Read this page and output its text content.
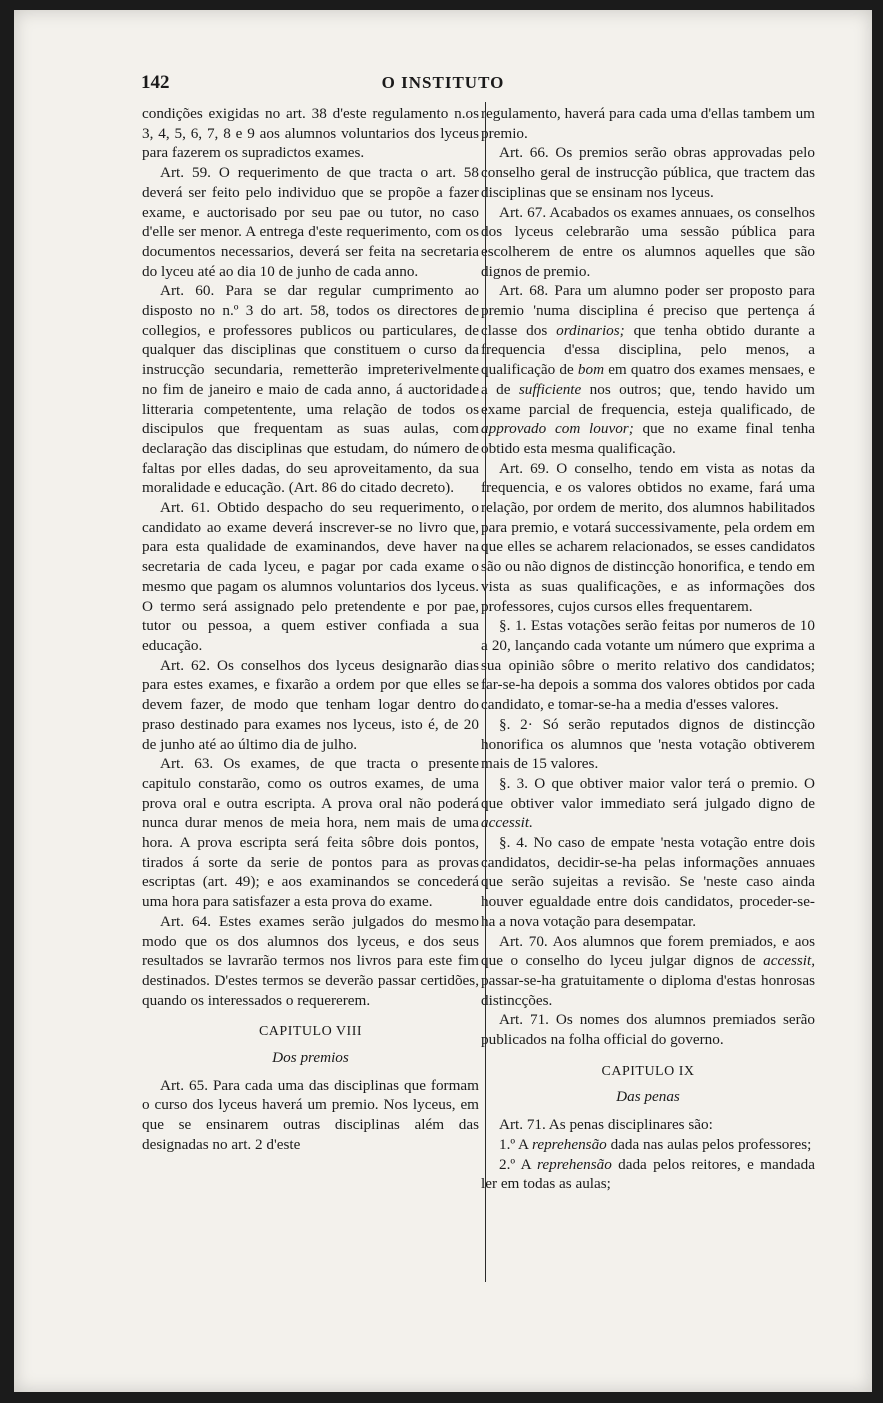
142	O INSTITUTO

condições exigidas no art. 38 d'este regulamento n.os 3, 4, 5, 6, 7, 8 e 9 aos alumnos voluntarios dos lyceus para fazerem os supradictos exames.

Art. 59. O requerimento de que tracta o art. 58 deverá ser feito pelo individuo que se propõe a fazer exame, e auctorisado por seu pae ou tutor, no caso d'elle ser menor. A entrega d'este requerimento, com os documentos necessarios, deverá ser feita na secretaria do lyceu até ao dia 10 de junho de cada anno.

Art. 60. Para se dar regular cumprimento ao disposto no n.º 3 do art. 58, todos os directores de collegios, e professores publicos ou particulares, de qualquer das disciplinas que constituem o curso da instrucção secundaria, remetterão impreterivelmente no fim de janeiro e maio de cada anno, á auctoridade litteraria competentente, uma relação de todos os discipulos que frequentam as suas aulas, com declaração das disciplinas que estudam, do número de faltas por elles dadas, do seu aproveitamento, da sua moralidade e educação. (Art. 86 do citado decreto).

Art. 61. Obtido despacho do seu requerimento, o candidato ao exame deverá inscrever-se no livro que, para esta qualidade de examinandos, deve haver na secretaria de cada lyceu, e pagar por cada exame o mesmo que pagam os alumnos voluntarios dos lyceus. O termo será assignado pelo pretendente e por pae, tutor ou pessoa, a quem estiver confiada a sua educação.

Art. 62. Os conselhos dos lyceus designarão dias para estes exames, e fixarão a ordem por que elles se devem fazer, de modo que tenham logar dentro do praso destinado para exames nos lyceus, isto é, de 20 de junho até ao último dia de julho.

Art. 63. Os exames, de que tracta o presente capitulo constarão, como os outros exames, de uma prova oral e outra escripta. A prova oral não poderá nunca durar menos de meia hora, nem mais de uma hora. A prova escripta será feita sôbre dois pontos, tirados á sorte da serie de pontos para as provas escriptas (art. 49); e aos examinandos se concederá uma hora para satisfazer a esta prova do exame.

Art. 64. Estes exames serão julgados do mesmo modo que os dos alumnos dos lyceus, e dos seus resultados se lavrarão termos nos livros para este fim destinados. D'estes termos se deverão passar certidões, quando os interessados o requererem.

CAPITULO VIII

Dos premios

Art. 65. Para cada uma das disciplinas que formam o curso dos lyceus haverá um premio. Nos lyceus, em que se ensinarem outras disciplinas além das designadas no art. 2 d'este

regulamento, haverá para cada uma d'ellas tambem um premio.

Art. 66. Os premios serão obras approvadas pelo conselho geral de instrucção pública, que tractem das disciplinas que se ensinam nos lyceus.

Art. 67. Acabados os exames annuaes, os conselhos dos lyceus celebrarão uma sessão pública para escolherem de entre os alumnos aquelles que são dignos de premio.

Art. 68. Para um alumno poder ser proposto para premio 'numa disciplina é preciso que pertença á classe dos ordinarios; que tenha obtido durante a frequencia d'essa disciplina, pelo menos, a qualificação de bom em quatro dos exames mensaes, e a de sufficiente nos outros; que, tendo havido um exame parcial de frequencia, esteja qualificado, de approvado com louvor; que no exame final tenha obtido esta mesma qualificação.

Art. 69. O conselho, tendo em vista as notas da frequencia, e os valores obtidos no exame, fará uma relação, por ordem de merito, dos alumnos habilitados para premio, e votará successivamente, pela ordem em que elles se acharem relacionados, se esses candidatos são ou não dignos de distincção honorifica, e tendo em vista as suas qualificações, e as informações dos professores, cujos cursos elles frequentarem.

§. 1. Estas votações serão feitas por numeros de 10 a 20, lançando cada votante um número que exprima a sua opinião sôbre o merito relativo dos candidatos; far-se-ha depois a somma dos valores obtidos por cada candidato, e tomar-se-ha a media d'esses valores.

§. 2· Só serão reputados dignos de distincção honorifica os alumnos que 'nesta votação obtiverem mais de 15 valores.

§. 3. O que obtiver maior valor terá o premio. O que obtiver valor immediato será julgado digno de accessit.

§. 4. No caso de empate 'nesta votação entre dois candidatos, decidir-se-ha pelas informações annuaes que serão sujeitas a revisão. Se 'neste caso ainda houver egualdade entre dois candidatos, proceder-se-ha a nova votação para desempatar.

Art. 70. Aos alumnos que forem premiados, e aos que o conselho do lyceu julgar dignos de accessit, passar-se-ha gratuitamente o diploma d'estas honrosas distincções.

Art. 71. Os nomes dos alumnos premiados serão publicados na folha official do governo.

CAPITULO IX

Das penas

Art. 71. As penas disciplinares são:

1.º A reprehensão dada nas aulas pelos professores;

2.º A reprehensão dada pelos reitores, e mandada ler em todas as aulas;
